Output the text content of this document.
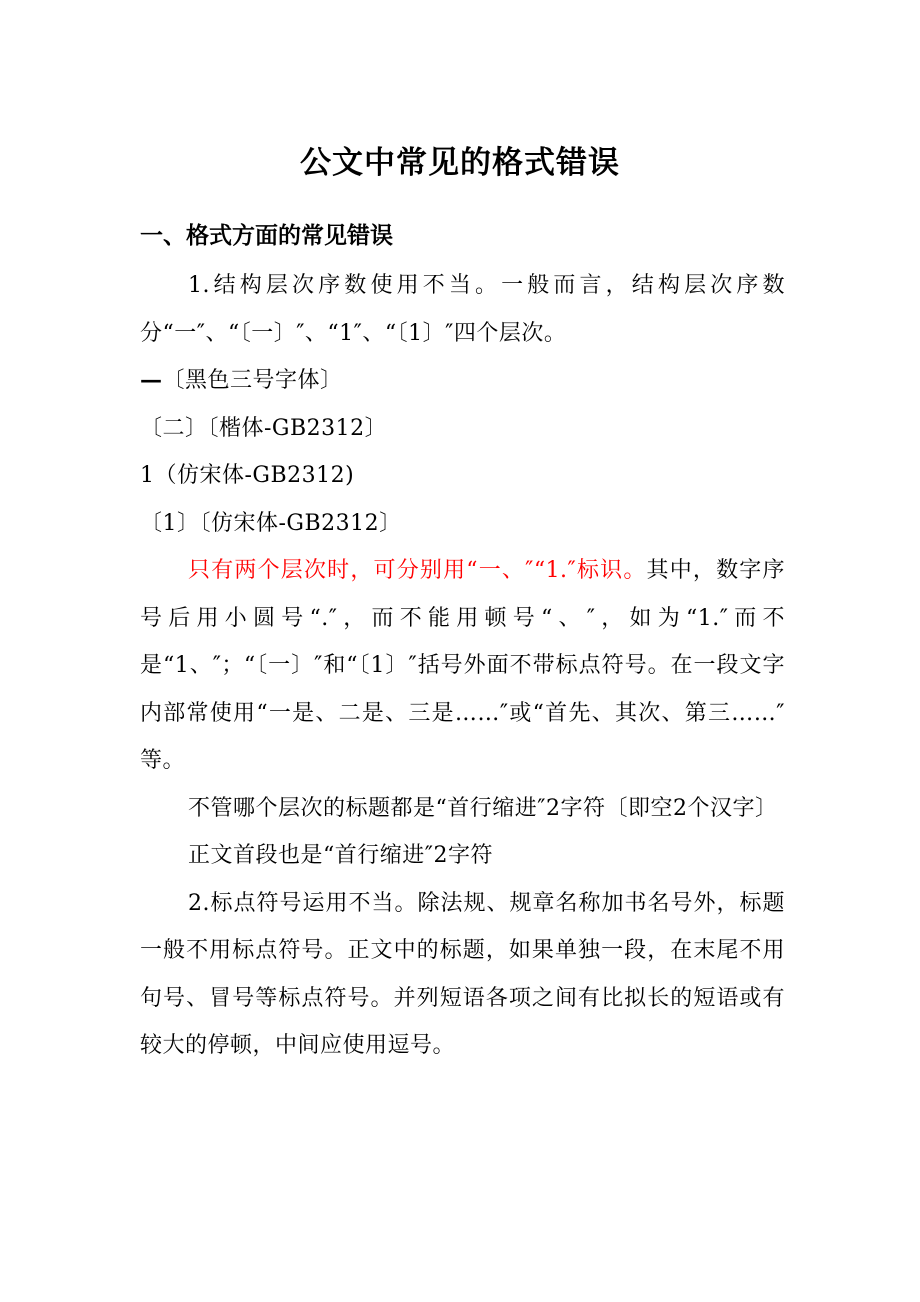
公文中常见的格式错误
一、格式方面的常见错误

1.结构层次序数使用不当。一般而言，结构层次序数分“一″、“〔一〕″、“1″、“〔1〕″四个层次。

—〔黑色三号字体〕

〔二〕〔楷体-GB2312〕

1（仿宋体-GB2312)

〔1〕〔仿宋体-GB2312〕

只有两个层次时，可分别用“一、″“1.″标识。其中，数字序号后用小圆号“.″，而不能用顿号“、″，如为“1.″而不是“1、″；“〔一〕″和“〔1〕″括号外面不带标点符号。在一段文字内部常使用“一是、二是、三是……″或“首先、其次、第三……″等。

不管哪个层次的标题都是“首行缩进″2字符〔即空2个汉字〕

正文首段也是“首行缩进″2字符

2.标点符号运用不当。除法规、规章名称加书名号外，标题一般不用标点符号。正文中的标题，如果单独一段，在末尾不用句号、冒号等标点符号。并列短语各项之间有比拟长的短语或有较大的停顿，中间应使用逗号。
